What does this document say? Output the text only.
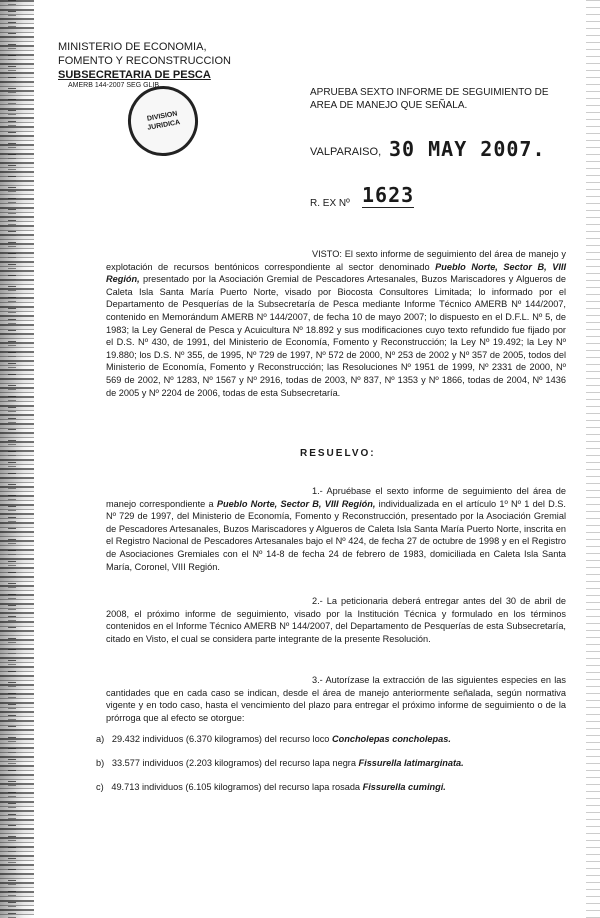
MINISTERIO DE ECONOMIA,
FOMENTO Y RECONSTRUCCION
SUBSECRETARIA DE PESCA
AMERB 144-2007 SEG GLIB
DIVISION JURIDICA
APRUEBA SEXTO INFORME DE SEGUIMIENTO DE AREA DE MANEJO QUE SEÑALA.
VALPARAISO, 30 MAY 2007.
R. EX Nº 1623
VISTO: El sexto informe de seguimiento del área de manejo y explotación de recursos bentónicos correspondiente al sector denominado Pueblo Norte, Sector B, VIII Región, presentado por la Asociación Gremial de Pescadores Artesanales, Buzos Mariscadores y Algueros de Caleta Isla Santa María Puerto Norte, visado por Biocosta Consultores Limitada; lo informado por el Departamento de Pesquerías de la Subsecretaría de Pesca mediante Informe Técnico AMERB Nº 144/2007, contenido en Memorándum AMERB Nº 144/2007, de fecha 10 de mayo 2007; lo dispuesto en el D.F.L. Nº 5, de 1983; la Ley General de Pesca y Acuicultura Nº 18.892 y sus modificaciones cuyo texto refundido fue fijado por el D.S. Nº 430, de 1991, del Ministerio de Economía, Fomento y Reconstrucción; la Ley Nº 19.492; la Ley Nº 19.880; los D.S. Nº 355, de 1995, Nº 729 de 1997, Nº 572 de 2000, Nº 253 de 2002 y Nº 357 de 2005, todos del Ministerio de Economía, Fomento y Reconstrucción; las Resoluciones Nº 1951 de 1999, Nº 2331 de 2000, Nº 569 de 2002, Nº 1283, Nº 1567 y Nº 2916, todas de 2003, Nº 837, Nº 1353 y Nº 1866, todas de 2004, Nº 1436 de 2005 y Nº 2204 de 2006, todas de esta Subsecretaría.
RESUELVO:
1.- Apruébase el sexto informe de seguimiento del área de manejo correspondiente a Pueblo Norte, Sector B, VIII Región, individualizada en el artículo 1º Nº 1 del D.S. Nº 729 de 1997, del Ministerio de Economía, Fomento y Reconstrucción, presentado por la Asociación Gremial de Pescadores Artesanales, Buzos Mariscadores y Algueros de Caleta Isla Santa María Puerto Norte, inscrita en el Registro Nacional de Pescadores Artesanales bajo el Nº 424, de fecha 27 de octubre de 1998 y en el Registro de Asociaciones Gremiales con el Nº 14-8 de fecha 24 de febrero de 1983, domiciliada en Caleta Isla Santa María, Coronel, VIII Región.
2.- La peticionaria deberá entregar antes del 30 de abril de 2008, el próximo informe de seguimiento, visado por la Institución Técnica y formulado en los términos contenidos en el Informe Técnico AMERB Nº 144/2007, del Departamento de Pesquerías de esta Subsecretaría, citado en Visto, el cual se considera parte integrante de la presente Resolución.
3.- Autorízase la extracción de las siguientes especies en las cantidades que en cada caso se indican, desde el área de manejo anteriormente señalada, según normativa vigente y en todo caso, hasta el vencimiento del plazo para entregar el próximo informe de seguimiento o de la prórroga que al efecto se otorgue:
a) 29.432 individuos (6.370 kilogramos) del recurso loco Concholepas concholepas.
b) 33.577 individuos (2.203 kilogramos) del recurso lapa negra Fissurella latimarginata.
c) 49.713 individuos (6.105 kilogramos) del recurso lapa rosada Fissurella cumingi.
